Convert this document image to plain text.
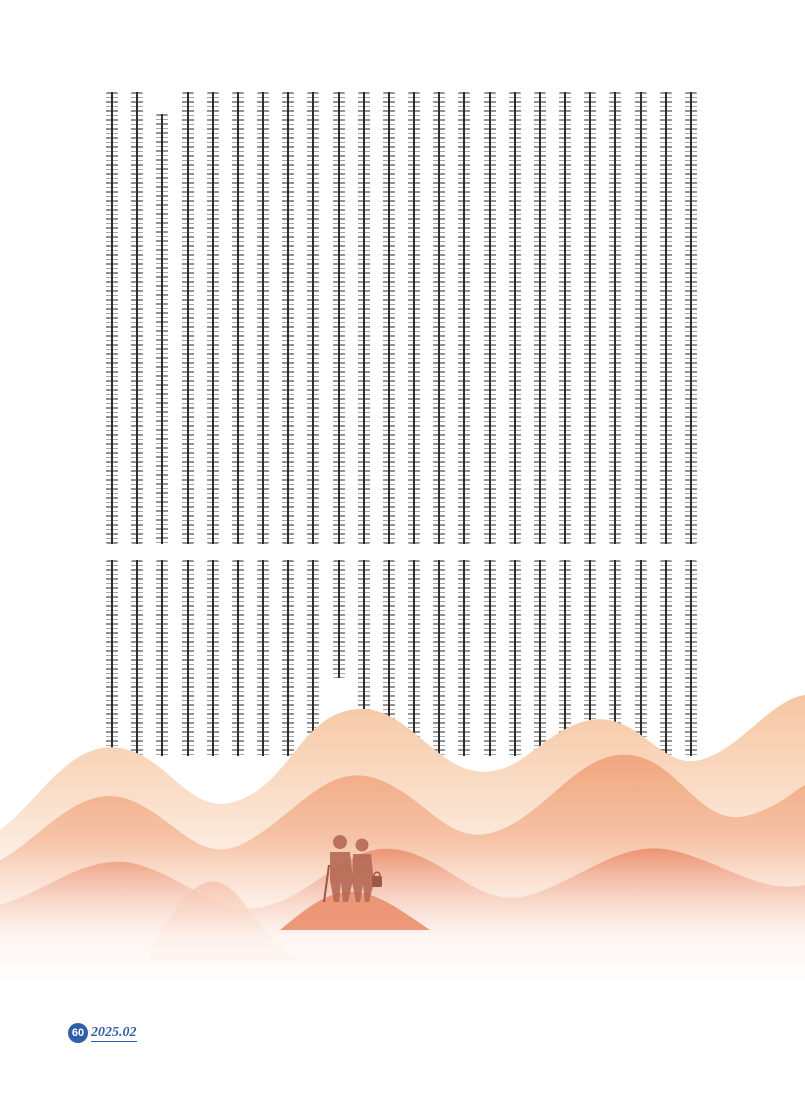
60 2025.02
